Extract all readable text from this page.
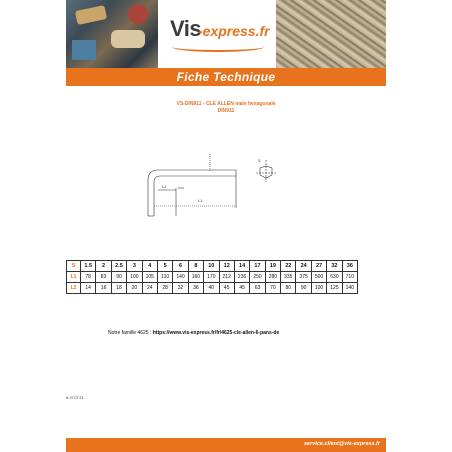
Vis
-express.fr
Fiche Technique
VS-DIN911 - CLE ALLEN male hexagonale
DIN911
L1
L2
S
S	1.5	2	2.5	3	4	5	6	8	10	12	14	17	19	22	24	27	32	36
L1	78	83	90	100	105	110	140	160	170	212	236	250	280	335	375	500	630	710
L2	14	16	18	20	24	28	32	36	40	45	45	63	70	80	90	100	125	140
Notre famille 4625 : https://www.vis-express.fr/fr/4625-cle-allen-6-pans-de
le 27.07.23
service.client@vis-express.fr
